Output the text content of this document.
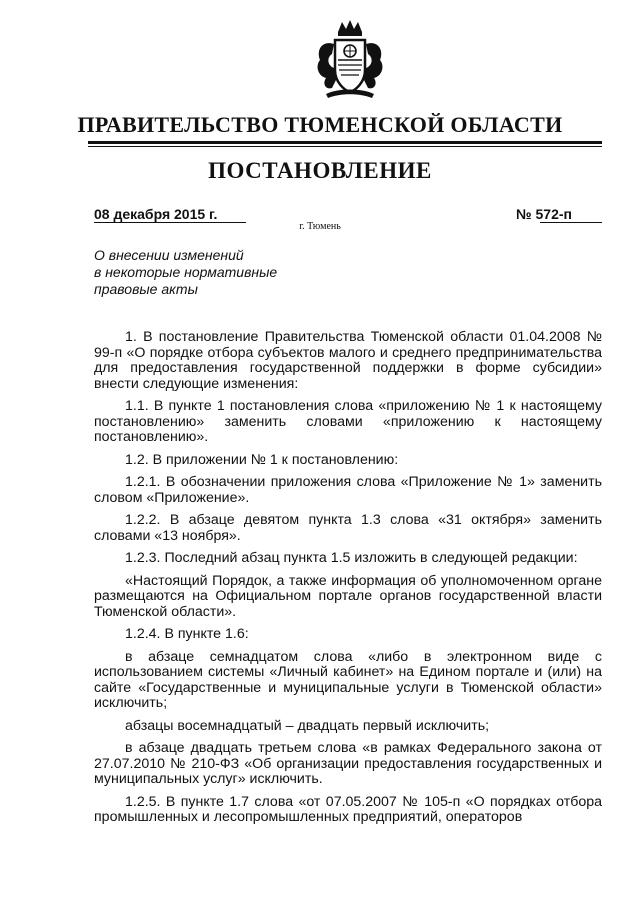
ПРАВИТЕЛЬСТВО ТЮМЕНСКОЙ ОБЛАСТИ
ПОСТАНОВЛЕНИЕ
08 декабря 2015 г.	№ 572-п
г. Тюмень
О внесении изменений
в некоторые нормативные
правовые акты

1. В постановление Правительства Тюменской области 01.04.2008 № 99-п «О порядке отбора субъектов малого и среднего предпринимательства для предоставления государственной поддержки в форме субсидии» внести следующие изменения:

1.1. В пункте 1 постановления слова «приложению № 1 к настоящему постановлению» заменить словами «приложению к настоящему постановлению».

1.2. В приложении № 1 к постановлению:

1.2.1. В обозначении приложения слова «Приложение № 1» заменить словом «Приложение».

1.2.2. В абзаце девятом пункта 1.3 слова «31 октября» заменить словами «13 ноября».

1.2.3. Последний абзац пункта 1.5 изложить в следующей редакции:

«Настоящий Порядок, а также информация об уполномоченном органе размещаются на Официальном портале органов государственной власти Тюменской области».

1.2.4. В пункте 1.6:

в абзаце семнадцатом слова «либо в электронном виде с использованием системы «Личный кабинет» на Едином портале и (или) на сайте «Государственные и муниципальные услуги в Тюменской области» исключить;

абзацы восемнадцатый – двадцать первый исключить;

в абзаце двадцать третьем слова «в рамках Федерального закона от 27.07.2010 № 210-ФЗ «Об организации предоставления государственных и муниципальных услуг» исключить.

1.2.5. В пункте 1.7 слова «от 07.05.2007 № 105-п «О порядках отбора промышленных и лесопромышленных предприятий, операторов
